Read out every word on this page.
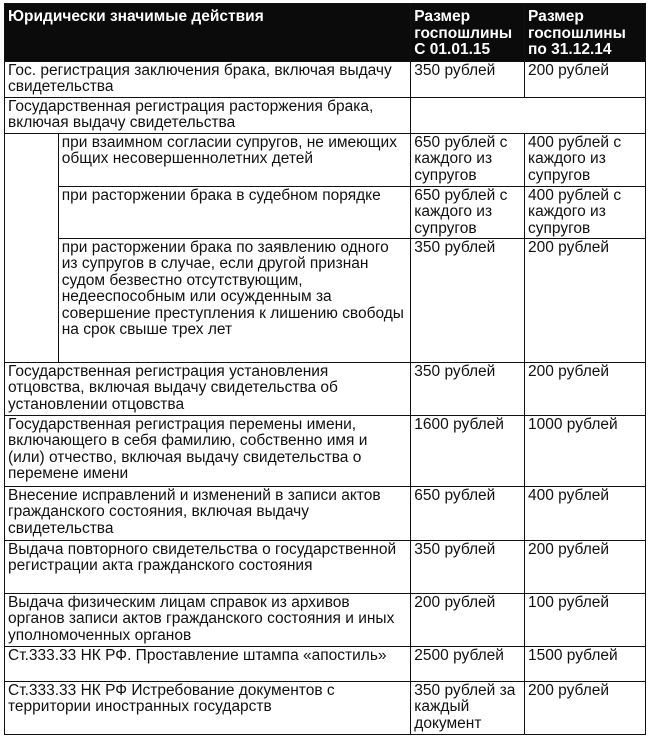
Юридически значимые действия		Размер госпошлины С 01.01.15	Размер госпошлины по 31.12.14
Гос. регистрация заключения брака, включая выдачу свидетельства		350 рублей	200 рублей
Государственная регистрация расторжения брака, включая выдачу свидетельства			
	при взаимном согласии супругов, не имеющих общих несовершеннолетних детей	650 рублей с каждого из супругов	400 рублей с каждого из супругов
	при расторжении брака в судебном порядке	650 рублей с каждого из супругов	400 рублей с каждого из супругов
	при расторжении брака по заявлению одного из супругов в случае, если другой признан судом безвестно отсутствующим, недееспособным или осужденным за совершение преступления к лишению свободы на срок свыше трех лет	350 рублей	200 рублей
Государственная регистрация установления отцовства, включая выдачу свидетельства об установлении отцовства		350 рублей	200 рублей
Государственная регистрация перемены имени, включающего в себя фамилию, собственно имя и (или) отчество, включая выдачу свидетельства о перемене имени		1600 рублей	1000 рублей
Внесение исправлений и изменений в записи актов гражданского состояния, включая выдачу свидетельства		650 рублей	400 рублей
Выдача повторного свидетельства о государственной регистрации акта гражданского состояния		350 рублей	200 рублей
Выдача физическим лицам справок из архивов органов записи актов гражданского состояния и иных уполномоченных органов		200 рублей	100 рублей
Ст.333.33 НК РФ. Проставление штампа «апостиль»		2500 рублей	1500 рублей
Ст.333.33 НК РФ Истребование документов с территории иностранных государств		350 рублей за каждый документ	200 рублей
